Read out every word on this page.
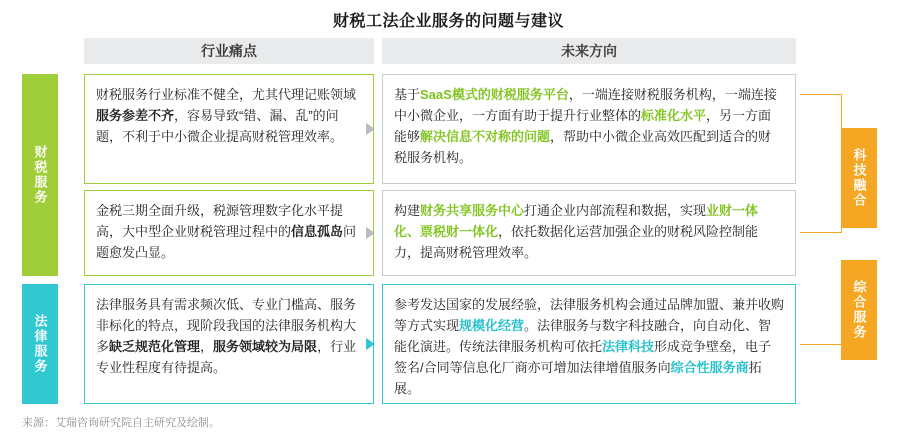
财税工法企业服务的问题与建议
行业痛点	未来方向
财税服务
法律服务
财税服务行业标准不健全，尤其代理记账领域服务参差不齐，容易导致“错、漏、乱”的问题，不利于中小微企业提高财税管理效率。
金税三期全面升级，税源管理数字化水平提高，大中型企业财税管理过程中的信息孤岛问题愈发凸显。
法律服务具有需求频次低、专业门槛高、服务非标化的特点，现阶段我国的法律服务机构大多缺乏规范化管理，服务领域较为局限，行业专业性程度有待提高。
基于SaaS模式的财税服务平台，一端连接财税服务机构，一端连接中小微企业，一方面有助于提升行业整体的标准化水平，另一方面能够解决信息不对称的问题，帮助中小微企业高效匹配到适合的财税服务机构。
构建财务共享服务中心打通企业内部流程和数据，实现业财一体化、票税财一体化，依托数据化运营加强企业的财税风险控制能力，提高财税管理效率。
参考发达国家的发展经验，法律服务机构会通过品牌加盟、兼并收购等方式实现规模化经营。法律服务与数字科技融合，向自动化、智能化演进。传统法律服务机构可依托法律科技形成竞争壁垒，电子签名/合同等信息化厂商亦可增加法律增值服务向综合性服务商拓展。
科技融合
综合服务
来源：艾瑞咨询研究院自主研究及绘制。
